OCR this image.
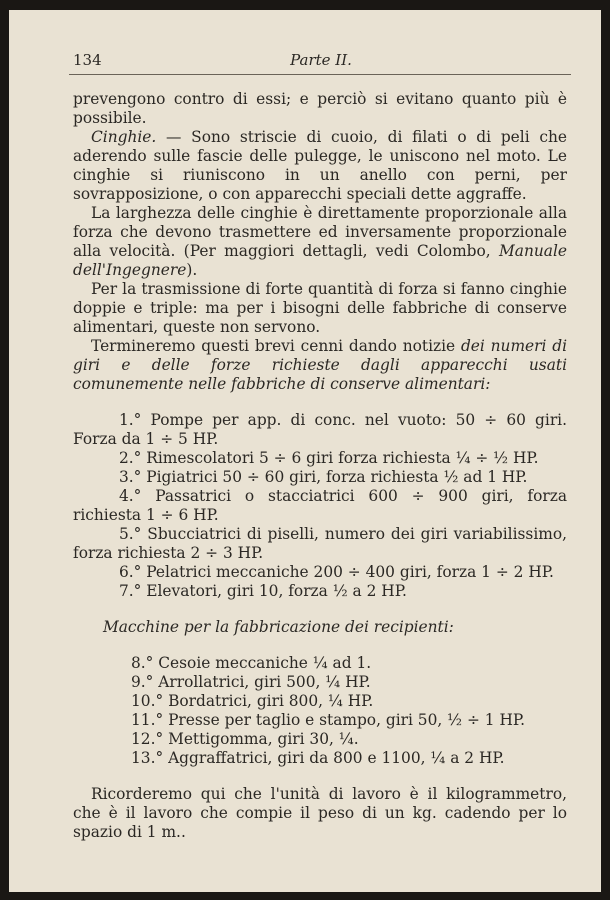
134	Parte II.

prevengono contro di essi; e perciò si evitano quanto più è possibile.

Cinghie. — Sono striscie di cuoio, di filati o di peli che aderendo sulle fascie delle pulegge, le uniscono nel moto. Le cinghie si riuniscono in un anello con perni, per sovrapposizione, o con apparecchi speciali dette aggraffe.

La larghezza delle cinghie è direttamente proporzionale alla forza che devono trasmettere ed inversamente proporzionale alla velocità. (Per maggiori dettagli, vedi Colombo, Manuale dell'Ingegnere).

Per la trasmissione di forte quantità di forza si fanno cinghie doppie e triple: ma per i bisogni delle fabbriche di conserve alimentari, queste non servono.

Termineremo questi brevi cenni dando notizie dei numeri di giri e delle forze richieste dagli apparecchi usati comunemente nelle fabbriche di conserve alimentari:

1.° Pompe per app. di conc. nel vuoto: 50 ÷ 60 giri. Forza da 1 ÷ 5 HP.

2.° Rimescolatori 5 ÷ 6 giri forza richiesta ¼ ÷ ½ HP.

3.° Pigiatrici 50 ÷ 60 giri, forza richiesta ½ ad 1 HP.

4.° Passatrici o stacciatrici 600 ÷ 900 giri, forza richiesta 1 ÷ 6 HP.

5.° Sbucciatrici di piselli, numero dei giri variabilissimo, forza richiesta 2 ÷ 3 HP.

6.° Pelatrici meccaniche 200 ÷ 400 giri, forza 1 ÷ 2 HP.

7.° Elevatori, giri 10, forza ½ a 2 HP.

Macchine per la fabbricazione dei recipienti:

8.° Cesoie meccaniche ¼ ad 1.

9.° Arrollatrici, giri 500, ¼ HP.

10.° Bordatrici, giri 800, ¼ HP.

11.° Presse per taglio e stampo, giri 50, ½ ÷ 1 HP.

12.° Mettigomma, giri 30, ¼.

13.° Aggraffatrici, giri da 800 e 1100, ¼ a 2 HP.

Ricorderemo qui che l'unità di lavoro è il kilogrammetro, che è il lavoro che compie il peso di un kg. cadendo per lo spazio di 1 m..
